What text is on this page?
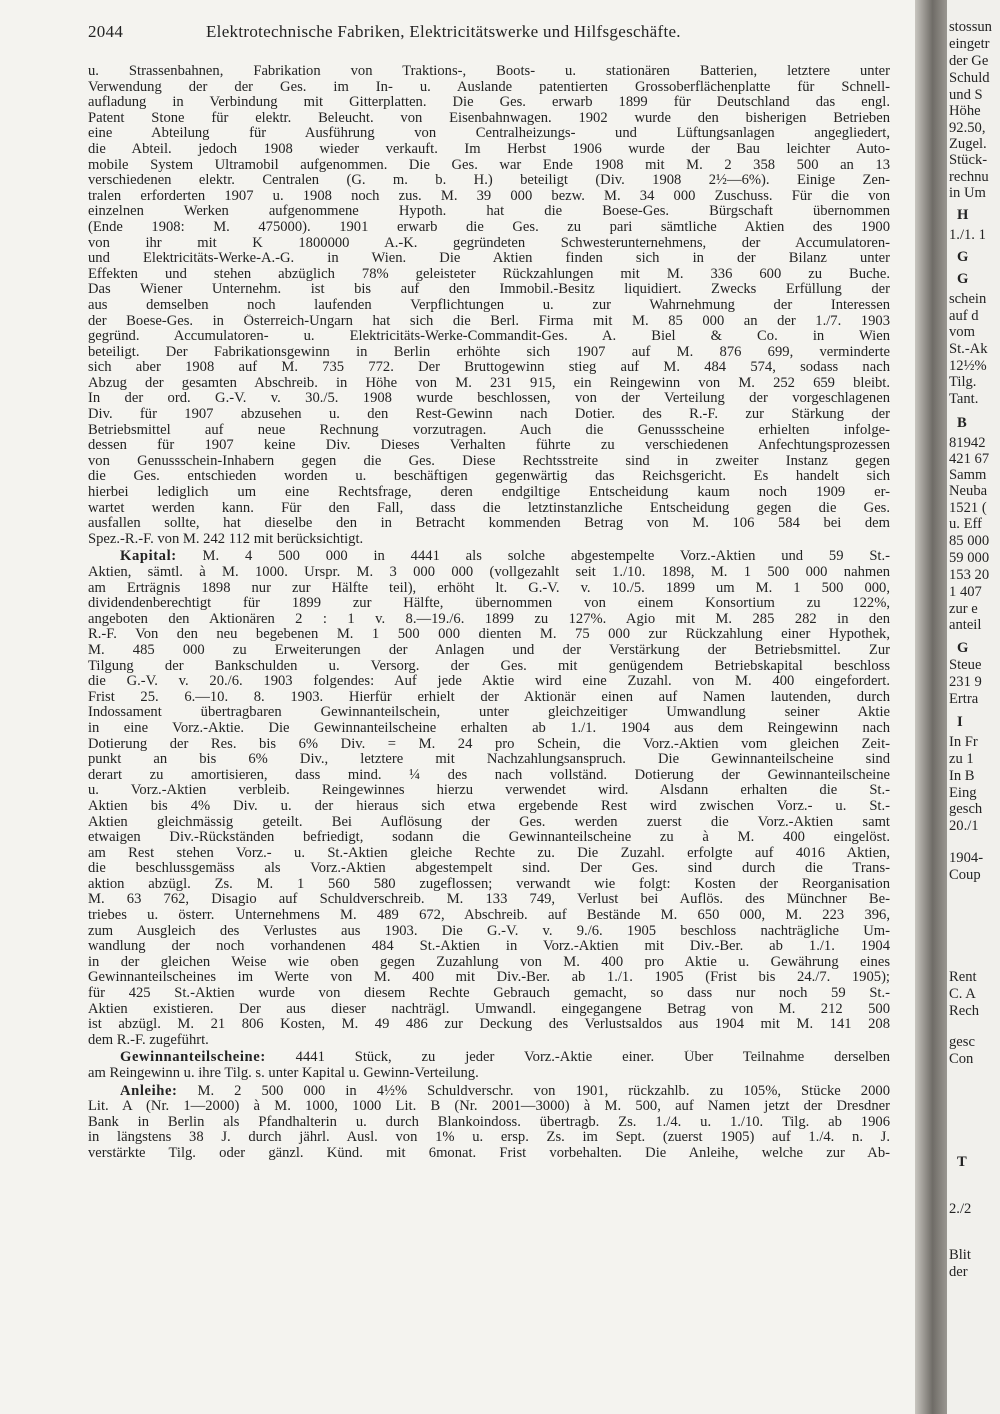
2044	Elektrotechnische Fabriken, Elektricitätswerke und Hilfsgeschäfte.
u. Strassenbahnen, Fabrikation von Traktions-, Boots- u. stationären Batterien, letztere unter
Verwendung der der Ges. im In- u. Auslande patentierten Grossoberflächenplatte für Schnell-
aufladung in Verbindung mit Gitterplatten. Die Ges. erwarb 1899 für Deutschland das engl.
Patent Stone für elektr. Beleucht. von Eisenbahnwagen. 1902 wurde den bisherigen Betrieben
eine Abteilung für Ausführung von Centralheizungs- und Lüftungsanlagen angegliedert,
die Abteil. jedoch 1908 wieder verkauft. Im Herbst 1906 wurde der Bau leichter Auto-
mobile System Ultramobil aufgenommen. Die Ges. war Ende 1908 mit M. 2 358 500 an 13
verschiedenen elektr. Centralen (G. m. b. H.) beteiligt (Div. 1908 2½—6%). Einige Zen-
tralen erforderten 1907 u. 1908 noch zus. M. 39 000 bezw. M. 34 000 Zuschuss. Für die von
einzelnen Werken aufgenommene Hypoth. hat die Boese-Ges. Bürgschaft übernommen
(Ende 1908: M. 475000). 1901 erwarb die Ges. zu pari sämtliche Aktien des 1900
von ihr mit K 1800000 A.-K. gegründeten Schwesterunternehmens, der Accumulatoren-
und Elektricitäts-Werke-A.-G. in Wien. Die Aktien finden sich in der Bilanz unter
Effekten und stehen abzüglich 78% geleisteter Rückzahlungen mit M. 336 600 zu Buche.
Das Wiener Unternehm. ist bis auf den Immobil.-Besitz liquidiert. Zwecks Erfüllung der
aus demselben noch laufenden Verpflichtungen u. zur Wahrnehmung der Interessen
der Boese-Ges. in Österreich-Ungarn hat sich die Berl. Firma mit M. 85 000 an der 1./7. 1903
gegründ. Accumulatoren- u. Elektricitäts-Werke-Commandit-Ges. A. Biel & Co. in Wien
beteiligt. Der Fabrikationsgewinn in Berlin erhöhte sich 1907 auf M. 876 699, verminderte
sich aber 1908 auf M. 735 772. Der Bruttogewinn stieg auf M. 484 574, sodass nach
Abzug der gesamten Abschreib. in Höhe von M. 231 915, ein Reingewinn von M. 252 659 bleibt.
In der ord. G.-V. v. 30./5. 1908 wurde beschlossen, von der Verteilung der vorgeschlagenen
Div. für 1907 abzusehen u. den Rest-Gewinn nach Dotier. des R.-F. zur Stärkung der
Betriebsmittel auf neue Rechnung vorzutragen. Auch die Genussscheine erhielten infolge-
dessen für 1907 keine Div. Dieses Verhalten führte zu verschiedenen Anfechtungsprozessen
von Genussschein-Inhabern gegen die Ges. Diese Rechtsstreite sind in zweiter Instanz gegen
die Ges. entschieden worden u. beschäftigen gegenwärtig das Reichsgericht. Es handelt sich
hierbei lediglich um eine Rechtsfrage, deren endgiltige Entscheidung kaum noch 1909 er-
wartet werden kann. Für den Fall, dass die letztinstanzliche Entscheidung gegen die Ges.
ausfallen sollte, hat dieselbe den in Betracht kommenden Betrag von M. 106 584 bei dem
Spez.-R.-F. von M. 242 112 mit berücksichtigt.
Kapital: M. 4 500 000 in 4441 als solche abgestempelte Vorz.-Aktien und 59 St.-
Aktien, sämtl. à M. 1000. Urspr. M. 3 000 000 (vollgezahlt seit 1./10. 1898, M. 1 500 000 nahmen
am Erträgnis 1898 nur zur Hälfte teil), erhöht lt. G.-V. v. 10./5. 1899 um M. 1 500 000,
dividendenberechtigt für 1899 zur Hälfte, übernommen von einem Konsortium zu 122%,
angeboten den Aktionären 2 : 1 v. 8.—19./6. 1899 zu 127%. Agio mit M. 285 282 in den
R.-F. Von den neu begebenen M. 1 500 000 dienten M. 75 000 zur Rückzahlung einer Hypothek,
M. 485 000 zu Erweiterungen der Anlagen und der Verstärkung der Betriebsmittel. Zur
Tilgung der Bankschulden u. Versorg. der Ges. mit genügendem Betriebskapital beschloss
die G.-V. v. 20./6. 1903 folgendes: Auf jede Aktie wird eine Zuzahl. von M. 400 eingefordert.
Frist 25. 6.—10. 8. 1903. Hierfür erhielt der Aktionär einen auf Namen lautenden, durch
Indossament übertragbaren Gewinnanteilschein, unter gleichzeitiger Umwandlung seiner Aktie
in eine Vorz.-Aktie. Die Gewinnanteilscheine erhalten ab 1./1. 1904 aus dem Reingewinn nach
Dotierung der Res. bis 6% Div. = M. 24 pro Schein, die Vorz.-Aktien vom gleichen Zeit-
punkt an bis 6% Div., letztere mit Nachzahlungsanspruch. Die Gewinnanteilscheine sind
derart zu amortisieren, dass mind. ¼ des nach vollständ. Dotierung der Gewinnanteilscheine
u. Vorz.-Aktien verbleib. Reingewinnes hierzu verwendet wird. Alsdann erhalten die St.-
Aktien bis 4% Div. u. der hieraus sich etwa ergebende Rest wird zwischen Vorz.- u. St.-
Aktien gleichmässig geteilt. Bei Auflösung der Ges. werden zuerst die Vorz.-Aktien samt
etwaigen Div.-Rückständen befriedigt, sodann die Gewinnanteilscheine zu à M. 400 eingelöst.
am Rest stehen Vorz.- u. St.-Aktien gleiche Rechte zu. Die Zuzahl. erfolgte auf 4016 Aktien,
die beschlussgemäss als Vorz.-Aktien abgestempelt sind. Der Ges. sind durch die Trans-
aktion abzügl. Zs. M. 1 560 580 zugeflossen; verwandt wie folgt: Kosten der Reorganisation
M. 63 762, Disagio auf Schuldverschreib. M. 133 749, Verlust bei Auflös. des Münchner Be-
triebes u. österr. Unternehmens M. 489 672, Abschreib. auf Bestände M. 650 000, M. 223 396,
zum Ausgleich des Verlustes aus 1903. Die G.-V. v. 9./6. 1905 beschloss nachträgliche Um-
wandlung der noch vorhandenen 484 St.-Aktien in Vorz.-Aktien mit Div.-Ber. ab 1./1. 1904
in der gleichen Weise wie oben gegen Zuzahlung von M. 400 pro Aktie u. Gewährung eines
Gewinnanteilscheines im Werte von M. 400 mit Div.-Ber. ab 1./1. 1905 (Frist bis 24./7. 1905);
für 425 St.-Aktien wurde von diesem Rechte Gebrauch gemacht, so dass nur noch 59 St.-
Aktien existieren. Der aus dieser nachträgl. Umwandl. eingegangene Betrag von M. 212 500
ist abzügl. M. 21 806 Kosten, M. 49 486 zur Deckung des Verlustsaldos aus 1904 mit M. 141 208
dem R.-F. zugeführt.
Gewinnanteilscheine: 4441 Stück, zu jeder Vorz.-Aktie einer. Über Teilnahme derselben
am Reingewinn u. ihre Tilg. s. unter Kapital u. Gewinn-Verteilung.
Anleihe: M. 2 500 000 in 4½% Schuldverschr. von 1901, rückzahlb. zu 105%, Stücke 2000
Lit. A (Nr. 1—2000) à M. 1000, 1000 Lit. B (Nr. 2001—3000) à M. 500, auf Namen jetzt der Dresdner
Bank in Berlin als Pfandhalterin u. durch Blankoindoss. übertragb. Zs. 1./4. u. 1./10. Tilg. ab 1906
in längstens 38 J. durch jährl. Ausl. von 1% u. ersp. Zs. im Sept. (zuerst 1905) auf 1./4. n. J.
verstärkte Tilg. oder gänzl. Künd. mit 6monat. Frist vorbehalten. Die Anleihe, welche zur Ab-
stossun
eingetr
der Ge
Schuld
und S
Höhe
92.50,
Zugel.
Stück-
rechnu
in Um
H
1./1. 1
G
G
schein
auf d
vom
St.-Ak
12½%
Tilg.
Tant.
B
81942
421 67
Samm
Neuba
1521 (
u. Eff
85 000
59 000
153 20
1 407
zur e
anteil
G
Steue
231 9
Ertra
I
In Fr
zu 1
In B
Eing
gesch
20./1
1904-
Coup
Rent
C. A
Rech
gesc
Con
T
2./2
Blit
der
